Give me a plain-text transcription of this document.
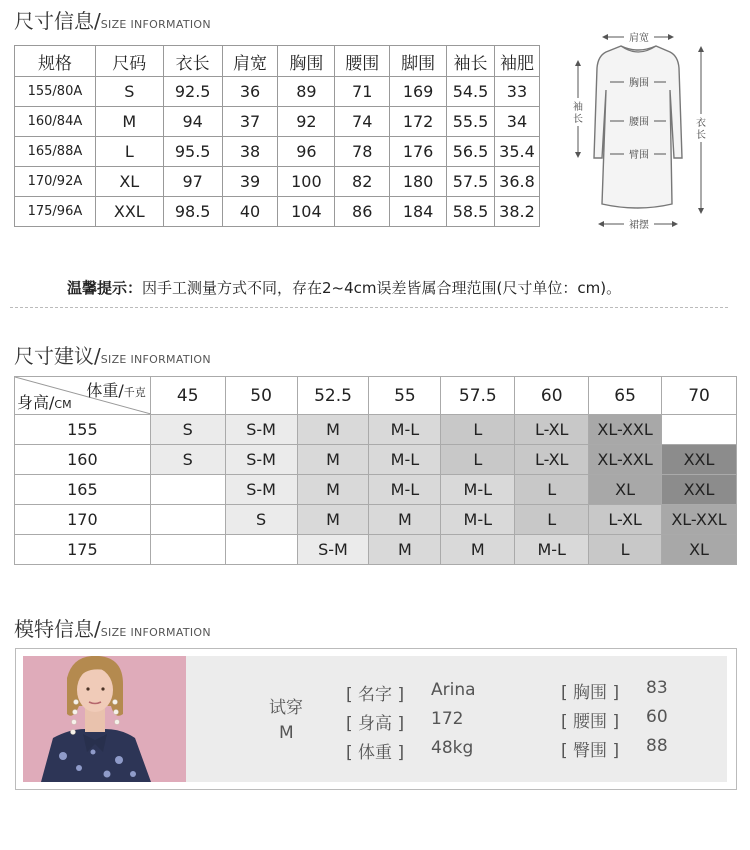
尺寸信息/SIZE INFORMATION
规格	尺码	衣长	肩宽	胸围	腰围	脚围	袖长	袖肥
155/80A	S	92.5	36	89	71	169	54.5	33
160/84A	M	94	37	92	74	172	55.5	34
165/88A	L	95.5	38	96	78	176	56.5	35.4
170/92A	XL	97	39	100	82	180	57.5	36.8
175/96A	XXL	98.5	40	104	86	184	58.5	38.2
肩宽
胸围
腰围
臂围
裙摆
袖长	衣长
温馨提示：因手工测量方式不同，存在2~4cm误差皆属合理范围(尺寸单位：cm)。
尺寸建议/SIZE INFORMATION
体重/千克
身高/CM	45	50	52.5	55	57.5	60	65	70
155	S	S-M	M	M-L	L	L-XL	XL-XXL	
160	S	S-M	M	M-L	L	L-XL	XL-XXL	XXL
165		S-M	M	M-L	M-L	L	XL	XXL
170		S	M	M	M-L	L	L-XL	XL-XXL
175			S-M	M	M	M-L	L	XL
模特信息/SIZE INFORMATION
试穿
M
[ 名字 ] Arina
[ 身高 ] 172
[ 体重 ] 48kg
[ 胸围 ] 83
[ 腰围 ] 60
[ 臀围 ] 88
